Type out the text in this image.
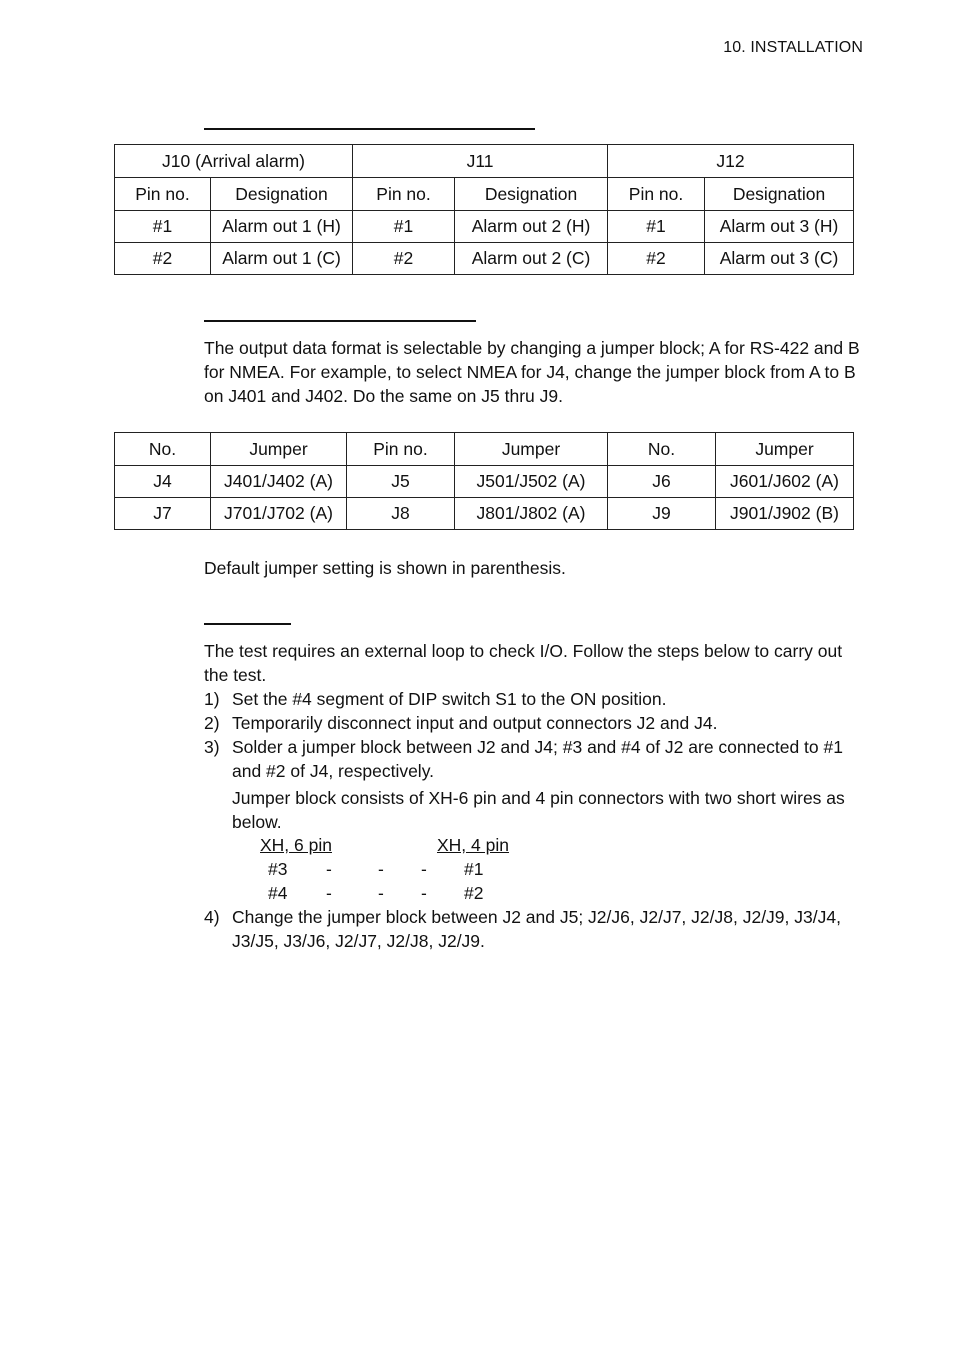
10. INSTALLATION
J10 (Arrival alarm)		J11		J12	
Pin no.	Designation	Pin no.	Designation	Pin no.	Designation
#1	Alarm out 1 (H)	#1	Alarm out 2 (H)	#1	Alarm out 3 (H)
#2	Alarm out 1 (C)	#2	Alarm out 2 (C)	#2	Alarm out 3 (C)
The output data format is selectable by changing a jumper block; A for RS-422 and B for NMEA. For example, to select NMEA for J4, change the jumper block from A to B on J401 and J402. Do the same on J5 thru J9.
No.	Jumper	Pin no.	Jumper	No.	Jumper
J4	J401/J402 (A)	J5	J501/J502 (A)	J6	J601/J602 (A)
J7	J701/J702 (A)	J8	J801/J802 (A)	J9	J901/J902 (B)
Default jumper setting is shown in parenthesis.
The test requires an external loop to check I/O. Follow the steps below to carry out the test.
1) Set the #4 segment of DIP switch S1 to the ON position.
2) Temporarily disconnect input and output connectors J2 and J4.
3) Solder a jumper block between J2 and J4; #3 and #4 of J2 are connected to #1 and #2 of J4, respectively.
Jumper block consists of XH-6 pin and 4 pin connectors with two short wires as below.
XH, 6 pin	XH, 4 pin
#3 -	- - #1
#4 -	- - #2
4) Change the jumper block between J2 and J5; J2/J6, J2/J7, J2/J8, J2/J9, J3/J4, J3/J5, J3/J6, J2/J7, J2/J8, J2/J9.
